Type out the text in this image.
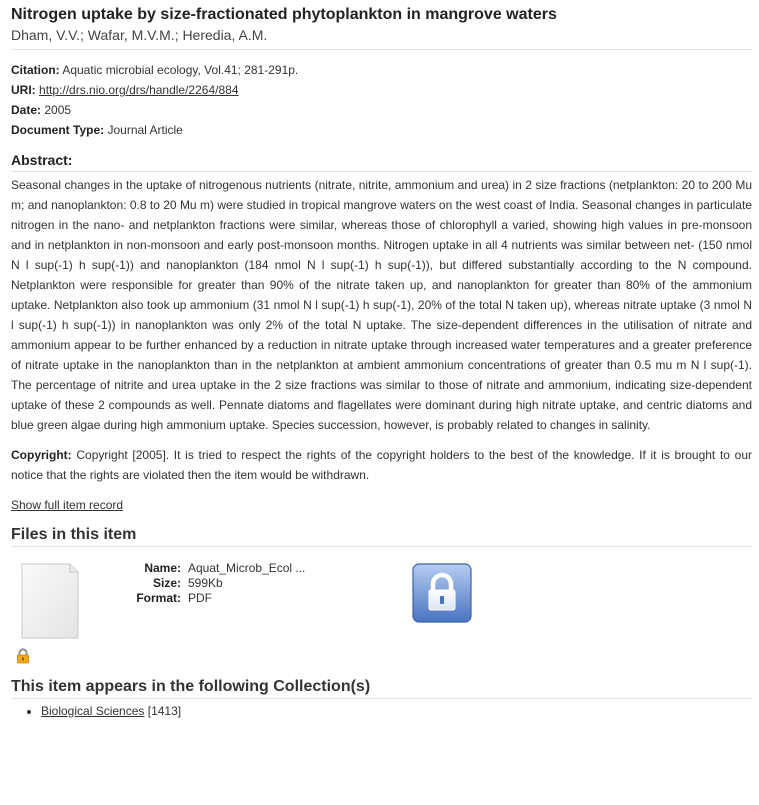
Nitrogen uptake by size-fractionated phytoplankton in mangrove waters
Dham, V.V.; Wafar, M.V.M.; Heredia, A.M.
Citation: Aquatic microbial ecology, Vol.41; 281-291p.
URI: http://drs.nio.org/drs/handle/2264/884
Date: 2005
Document Type: Journal Article
Abstract:

Seasonal changes in the uptake of nitrogenous nutrients (nitrate, nitrite, ammonium and urea) in 2 size fractions (netplankton: 20 to 200 Mu m; and nanoplankton: 0.8 to 20 Mu m) were studied in tropical mangrove waters on the west coast of India. Seasonal changes in particulate nitrogen in the nano- and netplankton fractions were similar, whereas those of chlorophyll a varied, showing high values in pre-monsoon and in netplankton in non-monsoon and early post-monsoon months. Nitrogen uptake in all 4 nutrients was similar between net- (150 nmol N l sup(-1) h sup(-1)) and nanoplankton (184 nmol N l sup(-1) h sup(-1)), but differed substantially according to the N compound. Netplankton were responsible for greater than 90% of the nitrate taken up, and nanoplankton for greater than 80% of the ammonium uptake. Netplankton also took up ammonium (31 nmol N l sup(-1) h sup(-1), 20% of the total N taken up), whereas nitrate uptake (3 nmol N l sup(-1) h sup(-1)) in nanoplankton was only 2% of the total N uptake. The size-dependent differences in the utilisation of nitrate and ammonium appear to be further enhanced by a reduction in nitrate uptake through increased water temperatures and a greater preference of nitrate uptake in the nanoplankton than in the netplankton at ambient ammonium concentrations of greater than 0.5 mu m N l sup(-1). The percentage of nitrite and urea uptake in the 2 size fractions was similar to those of nitrate and ammonium, indicating size-dependent uptake of these 2 compounds as well. Pennate diatoms and flagellates were dominant during high nitrate uptake, and centric diatoms and blue green algae during high ammonium uptake. Species succession, however, is probably related to changes in salinity.

Copyright: Copyright [2005]. It is tried to respect the rights of the copyright holders to the best of the knowledge. If it is brought to our notice that the rights are violated then the item would be withdrawn.
Show full item record
Files in this item
Name: Aquat_Microb_Ecol ...
Size: 599Kb
Format: PDF
This item appears in the following Collection(s)
• Biological Sciences [1413]
